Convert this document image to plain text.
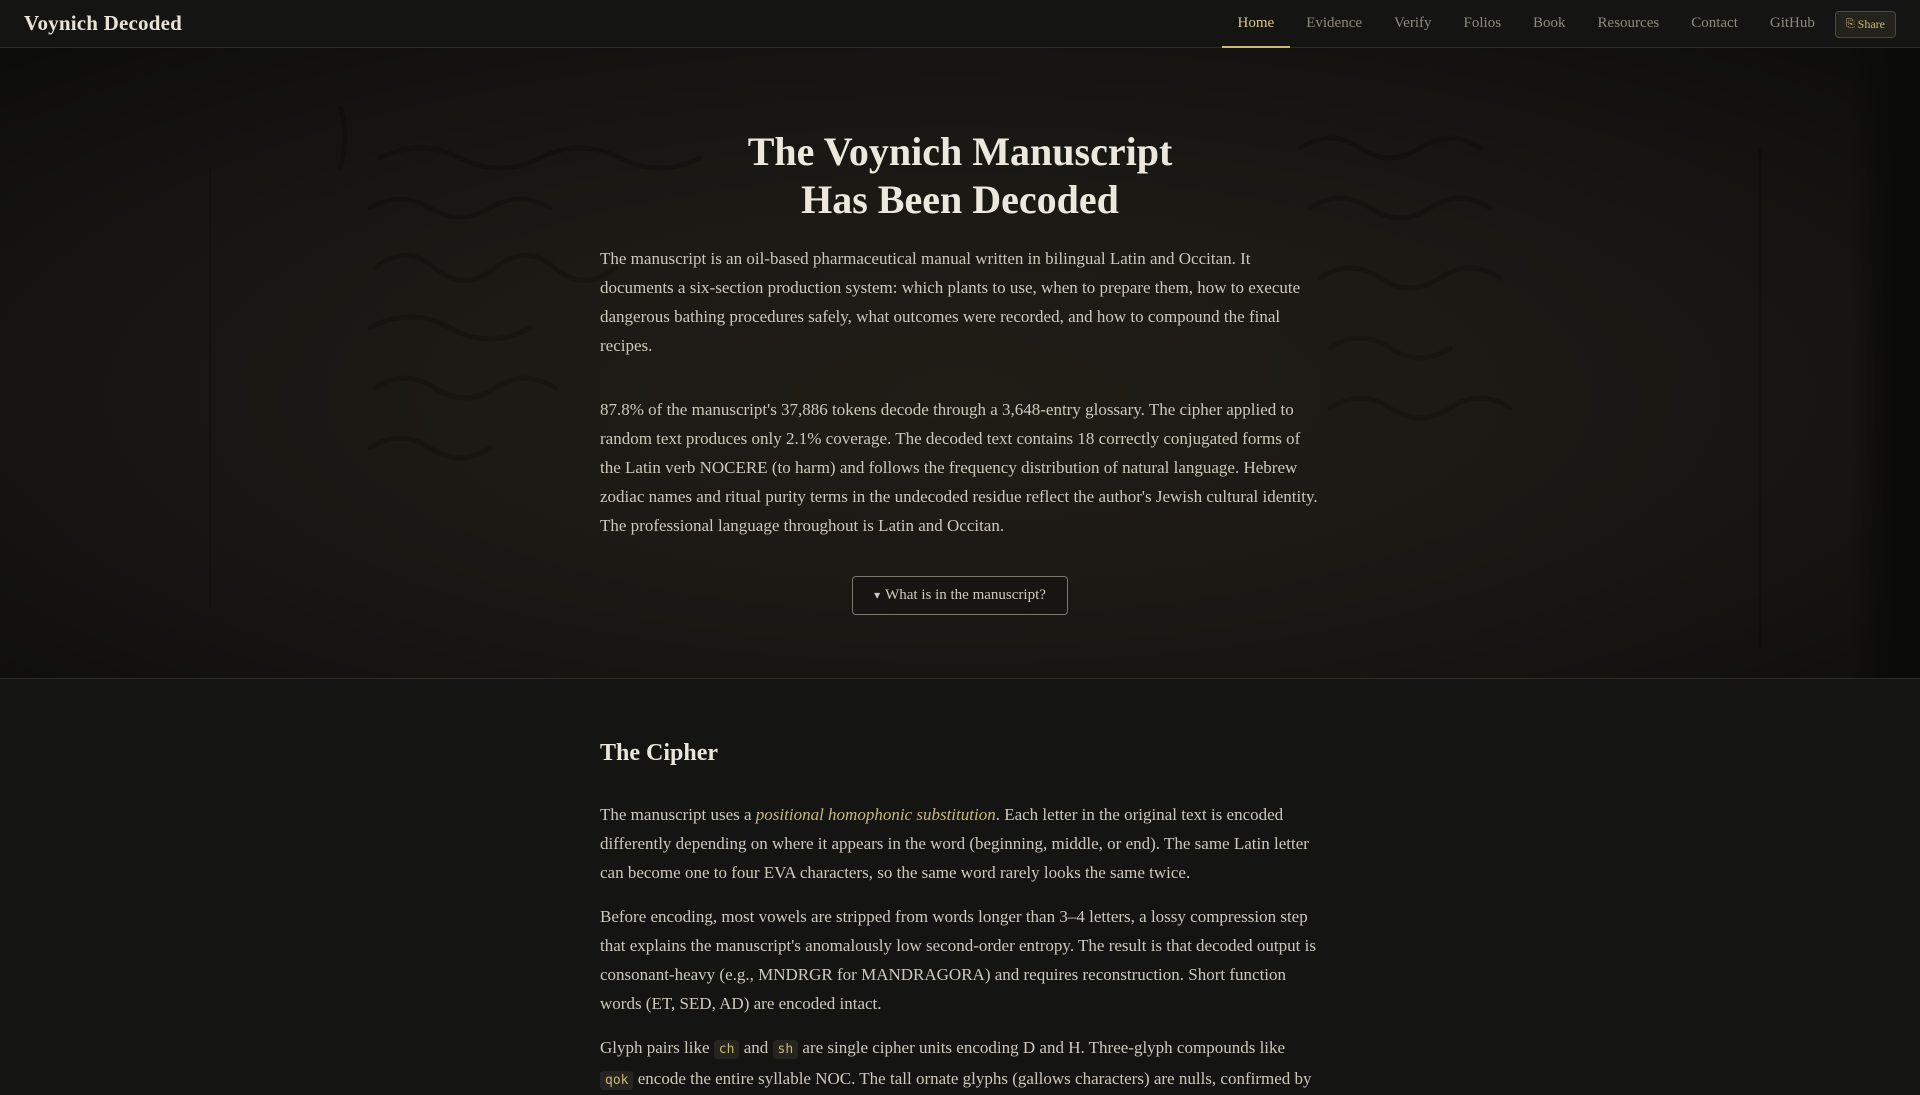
Voynich Decoded	Home	Evidence	Verify	Folios	Book	Resources	Contact	GitHub	⎘ Share
The Voynich Manuscript
Has Been Decoded

The manuscript is an oil-based pharmaceutical manual written in bilingual Latin and Occitan. It documents a six-section production system: which plants to use, when to prepare them, how to execute dangerous bathing procedures safely, what outcomes were recorded, and how to compound the final recipes.

87.8% of the manuscript's 37,886 tokens decode through a 3,648-entry glossary. The cipher applied to random text produces only 2.1% coverage. The decoded text contains 18 correctly conjugated forms of the Latin verb NOCERE (to harm) and follows the frequency distribution of natural language. Hebrew zodiac names and ritual purity terms in the undecoded residue reflect the author's Jewish cultural identity. The professional language throughout is Latin and Occitan.

▾ What is in the manuscript?
The Cipher

The manuscript uses a positional homophonic substitution. Each letter in the original text is encoded differently depending on where it appears in the word (beginning, middle, or end). The same Latin letter can become one to four EVA characters, so the same word rarely looks the same twice.

Before encoding, most vowels are stripped from words longer than 3–4 letters, a lossy compression step that explains the manuscript's anomalously low second-order entropy. The result is that decoded output is consonant-heavy (e.g., MNDRGR for MANDRAGORA) and requires reconstruction. Short function words (ET, SED, AD) are encoded intact.

Glyph pairs like ch and sh are single cipher units encoding D and H. Three-glyph compounds like qok encode the entire syllable NOC. The tall ornate glyphs (gallows characters) are nulls, confirmed by
